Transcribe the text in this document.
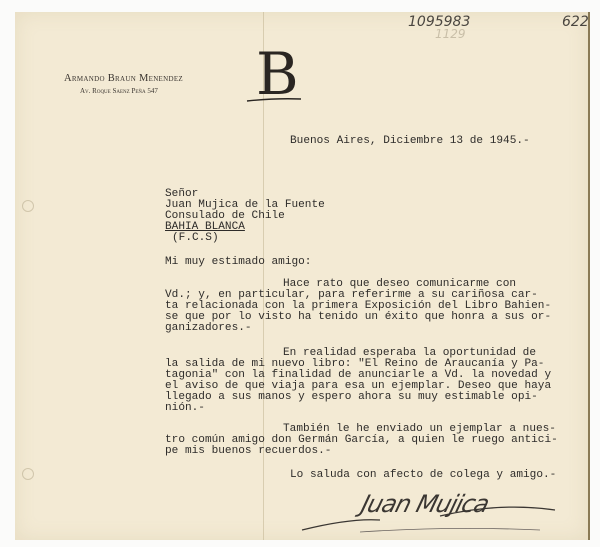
1095983
1129
622
B
Armando Braun Menendez
Av. Roque Saenz Peña 547
Buenos Aires, Diciembre 13 de 1945.-
Señor
Juan Mujica de la Fuente
Consulado de Chile
BAHIA BLANCA
(F.C.S)
Mi muy estimado amigo:
Hace rato que deseo comunicarme con
Vd.; y, en particular, para referirme a su cariñosa car-
ta relacionada con la primera Exposición del Libro Bahien-
se que por lo visto ha tenido un éxito que honra a sus or-
ganizadores.-
En realidad esperaba la oportunidad de
la salida de mi nuevo libro: "El Reino de Araucanía y Pa-
tagonia" con la finalidad de anunciarle a Vd. la novedad y
el aviso de que viaja para esa un ejemplar. Deseo que haya
llegado a sus manos y espero ahora su muy estimable opi-
nión.-
También le he enviado un ejemplar a nues-
tro común amigo don Germán García, a quien le ruego antici-
pe mis buenos recuerdos.-
Lo saluda con afecto de colega y amigo.-
Juan Mujica
